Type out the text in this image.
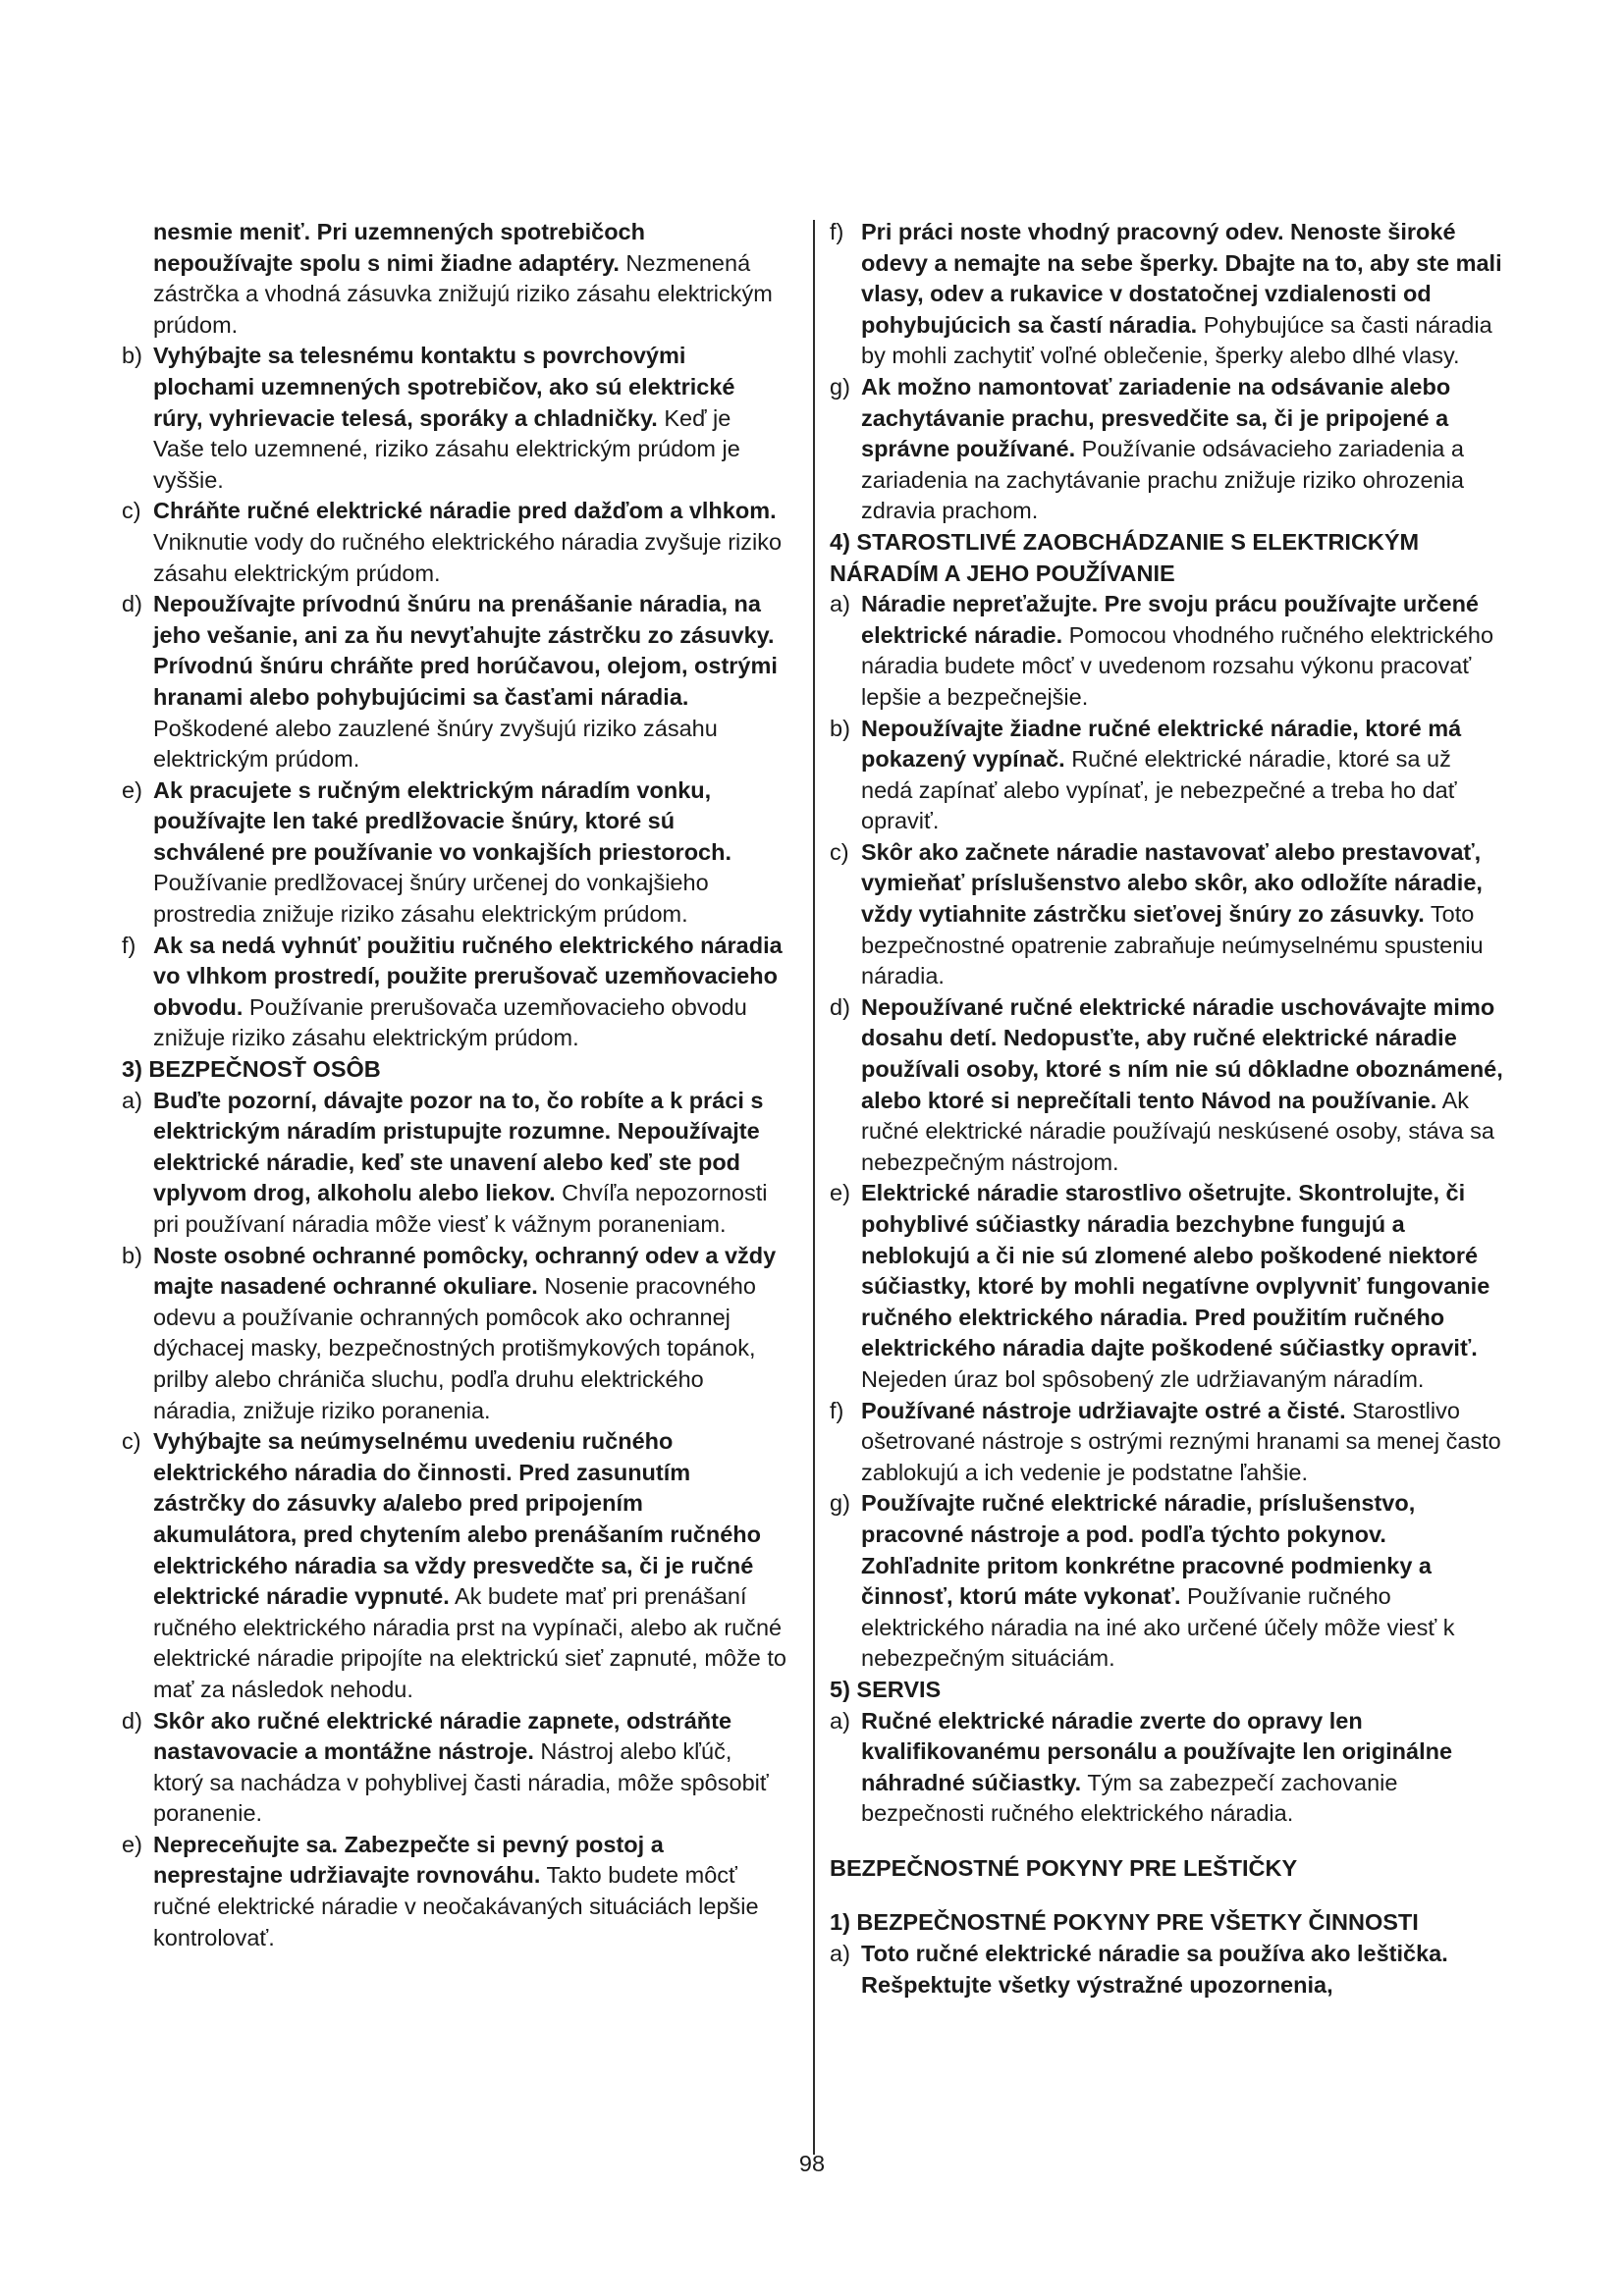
nesmie meniť. Pri uzemnených spotrebičoch nepoužívajte spolu s nimi žiadne adaptéry. Nezmenená zástrčka a vhodná zásuvka znižujú riziko zásahu elektrickým prúdom.
b) Vyhýbajte sa telesnému kontaktu s povrchovými plochami uzemnených spotrebičov, ako sú elektrické rúry, vyhrievacie telesá, sporáky a chladničky. Keď je Vaše telo uzemnené, riziko zásahu elektrickým prúdom je vyššie.
c) Chráňte ručné elektrické náradie pred dažďom a vlhkom. Vniknutie vody do ručného elektrického náradia zvyšuje riziko zásahu elektrickým prúdom.
d) Nepoužívajte prívodnú šnúru na prenášanie náradia, na jeho vešanie, ani za ňu nevyťahujte zástrčku zo zásuvky. Prívodnú šnúru chráňte pred horúčavou, olejom, ostrými hranami alebo pohybujúcimi sa časťami náradia. Poškodené alebo zauzlené šnúry zvyšujú riziko zásahu elektrickým prúdom.
e) Ak pracujete s ručným elektrickým náradím vonku, používajte len také predlžovacie šnúry, ktoré sú schválené pre používanie vo vonkajších priestoroch. Používanie predlžovacej šnúry určenej do vonkajšieho prostredia znižuje riziko zásahu elektrickým prúdom.
f) Ak sa nedá vyhnúť použitiu ručného elektrického náradia vo vlhkom prostredí, použite prerušovač uzemňovacieho obvodu. Používanie prerušovača uzemňovacieho obvodu znižuje riziko zásahu elektrickým prúdom.
3) BEZPEČNOSŤ OSÔB
a) Buďte pozorní, dávajte pozor na to, čo robíte a k práci s elektrickým náradím pristupujte rozumne. Nepoužívajte elektrické náradie, keď ste unavení alebo keď ste pod vplyvom drog, alkoholu alebo liekov. Chvíľa nepozornosti pri používaní náradia môže viesť k vážnym poraneniam.
b) Noste osobné ochranné pomôcky, ochranný odev a vždy majte nasadené ochranné okuliare. Nosenie pracovného odevu a používanie ochranných pomôcok ako ochrannej dýchacej masky, bezpečnostných protišmykových topánok, prilby alebo chrániča sluchu, podľa druhu elektrického náradia, znižuje riziko poranenia.
c) Vyhýbajte sa neúmyselnému uvedeniu ručného elektrického náradia do činnosti. Pred zasunutím zástrčky do zásuvky a/alebo pred pripojením akumulátora, pred chytením alebo prenášaním ručného elektrického náradia sa vždy presvedčte sa, či je ručné elektrické náradie vypnuté. Ak budete mať pri prenášaní ručného elektrického náradia prst na vypínači, alebo ak ručné elektrické náradie pripojíte na elektrickú sieť zapnuté, môže to mať za následok nehodu.
d) Skôr ako ručné elektrické náradie zapnete, odstráňte nastavovacie a montážne nástroje. Nástroj alebo kľúč, ktorý sa nachádza v pohyblivej časti náradia, môže spôsobiť poranenie.
e) Nepreceňujte sa. Zabezpečte si pevný postoj a neprestajne udržiavajte rovnováhu. Takto budete môcť ručné elektrické náradie v neočakávaných situáciách lepšie kontrolovať.
f) Pri práci noste vhodný pracovný odev. Nenoste široké odevy a nemajte na sebe šperky. Dbajte na to, aby ste mali vlasy, odev a rukavice v dostatočnej vzdialenosti od pohybujúcich sa častí náradia. Pohybujúce sa časti náradia by mohli zachytiť voľné oblečenie, šperky alebo dlhé vlasy.
g) Ak možno namontovať zariadenie na odsávanie alebo zachytávanie prachu, presvedčite sa, či je pripojené a správne používané. Používanie odsávacieho zariadenia a zariadenia na zachytávanie prachu znižuje riziko ohrozenia zdravia prachom.
4) STAROSTLIVÉ ZAOBCHÁDZANIE S ELEKTRICKÝM NÁRADÍM A JEHO POUŽÍVANIE
a) Náradie nepreťažujte. Pre svoju prácu používajte určené elektrické náradie. Pomocou vhodného ručného elektrického náradia budete môcť v uvedenom rozsahu výkonu pracovať lepšie a bezpečnejšie.
b) Nepoužívajte žiadne ručné elektrické náradie, ktoré má pokazený vypínač. Ručné elektrické náradie, ktoré sa už nedá zapínať alebo vypínať, je nebezpečné a treba ho dať opraviť.
c) Skôr ako začnete náradie nastavovať alebo prestavovať, vymieňať príslušenstvo alebo skôr, ako odložíte náradie, vždy vytiahnite zástrčku sieťovej šnúry zo zásuvky. Toto bezpečnostné opatrenie zabraňuje neúmyselnému spusteniu náradia.
d) Nepoužívané ručné elektrické náradie uschovávajte mimo dosahu detí. Nedopusťte, aby ručné elektrické náradie používali osoby, ktoré s ním nie sú dôkladne oboznámené, alebo ktoré si neprečítali tento Návod na používanie. Ak ručné elektrické náradie používajú neskúsené osoby, stáva sa nebezpečným nástrojom.
e) Elektrické náradie starostlivo ošetrujte. Skontrolujte, či pohyblivé súčiastky náradia bezchybne fungujú a neblokujú a či nie sú zlomené alebo poškodené niektoré súčiastky, ktoré by mohli negatívne ovplyvniť fungovanie ručného elektrického náradia. Pred použitím ručného elektrického náradia dajte poškodené súčiastky opraviť. Nejeden úraz bol spôsobený zle udržiavaným náradím.
f) Používané nástroje udržiavajte ostré a čisté. Starostlivo ošetrované nástroje s ostrými reznými hranami sa menej často zablokujú a ich vedenie je podstatne ľahšie.
g) Používajte ručné elektrické náradie, príslušenstvo, pracovné nástroje a pod. podľa týchto pokynov. Zohľadnite pritom konkrétne pracovné podmienky a činnosť, ktorú máte vykonať. Používanie ručného elektrického náradia na iné ako určené účely môže viesť k nebezpečným situáciám.
5) SERVIS
a) Ručné elektrické náradie zverte do opravy len kvalifikovanému personálu a používajte len originálne náhradné súčiastky. Tým sa zabezpečí zachovanie bezpečnosti ručného elektrického náradia.
BEZPEČNOSTNÉ POKYNY PRE LEŠTIČKY
1) BEZPEČNOSTNÉ POKYNY PRE VŠETKY ČINNOSTI
a) Toto ručné elektrické náradie sa používa ako leštička. Rešpektujte všetky výstražné upozornenia,
98
